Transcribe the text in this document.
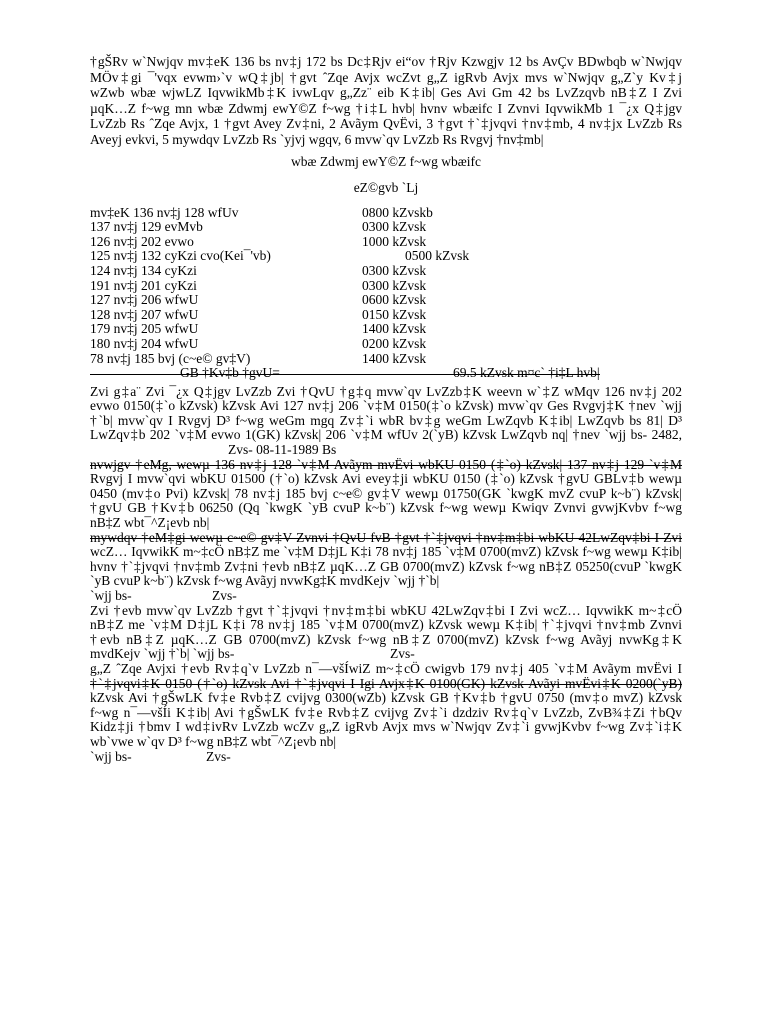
†gŠRv w`Nwjqv mv‡eK 136 bs nv‡j 172 bs Dc‡Rjv ei“ov †Rjv Kzwgjv 12 bs AvÇv BDwbqb w`Nwjqv
MÖv‡gi ¯'vqx evwm›`v wQ‡jb| †gvt ˆZqe Avjx wcZvt g„Z igRvb Avjx mvs w`Nwjqv g„Z`y Kv‡j
wZwb wbæ wjwLZ IqvwikMb‡K ivwLqv g„Zz¨ eib K‡ib| Ges Avi Gm 42 bs LvZzqvb nB‡Z I Zvi
µqK…Z f~wg mn wbæ Zdwmj ewY©Z f~wg †i‡L hvb| hvnv wbæifc I Zvnvi IqvwikMb 1 ¯¿x Q‡jgv
LvZzb Rs ˆZqe Avjx, 1 †gvt Avey Zv‡ni, 2 Avãym QvËvi, 3 †gvt †`‡jvqvi †nv‡mb, 4 nv‡jx LvZzb Rs
Aveyj evkvi, 5 mywdqv LvZzb Rs `yjvj wgqv, 6 mvw`qv LvZzb Rs Rvgvj †nv‡mb|
wbæ Zdwmj ewY©Z f~wg wbæifc
eZ©gvb `Lj
mv‡eK 136 nv‡j 128 wfUv	0800 kZvskb
137 nv‡j 129 evMvb	0300 kZvsk
126 nv‡j 202 evwo	1000 kZvsk
125 nv‡j 132 cyKzi cvo(Kei¯'vb)	0500 kZvsk
124 nv‡j 134 cyKzi	0300 kZvsk
191 nv‡j 201 cyKzi	0300 kZvsk
127 nv‡j 206 wfwU	0600 kZvsk
128 nv‡j 207 wfwU	0150 kZvsk
179 nv‡j 205 wfwU	1400 kZvsk
180 nv‡j 204 wfwU	0200 kZvsk
78 nv‡j 185 bvj (c~e© gv‡V)	1400 kZvsk
GB †Kv‡b †gvU=	69.5 kZvsk m¤c` †i‡L hvb|
Zvi g‡a¨ Zvi ¯¿x Q‡jgv LvZzb Zvi †QvU †g‡q mvw`qv LvZzb‡K weevn w`‡Z wMqv 126 nv‡j 202
evwo 0150(‡`o kZvsk) kZvsk Avi 127 nv‡j 206 `v‡M 0150(‡`o kZvsk) mvw`qv Ges Rvgvj‡K †nev `wjj
†`b| mvw`qv I Rvgvj D³ f~wg weGm mgq Zv‡`i wbR bv‡g weGm LwZqvb K‡ib| LwZqvb bs 81| D³
LwZqv‡b 202 `v‡M evwo 1(GK) kZvsk| 206 `v‡M wfUv 2(`yB) kZvsk LwZqvb nq| †nev `wjj bs- 2482,
Zvs- 08-11-1989 Bs
nvwjgv †eMg, wewµ 136 nv‡j 128 `v‡M Avãym mvËvi wbKU 0150 (‡`o) kZvsk| 137 nv‡j 129 `v‡M
Rvgvj I mvw`qvi wbKU 01500 (†`o) kZvsk Avi evey‡ji wbKU 0150 (‡`o) kZvsk †gvU GBLv‡b wewµ
0450 (mv‡o Pvi) kZvsk| 78 nv‡j 185 bvj c~e© gv‡V wewµ 01750(GK `kwgK mvZ cvuP k~b¨) kZvsk|
†gvU GB †Kv‡b 06250 (Qq `kwgK `yB cvuP k~b¨) kZvsk f~wg wewµ Kwiqv Zvnvi gvwjKvbv f~wg
nB‡Z wbt¯^Z¡evb nb|
mywdqv †eM‡gi wewµ c~e© gv‡V Zvnvi †QvU fvB †gvt †`‡jvqvi †nv‡m‡bi wbKU 42LwZqv‡bi I Zvi
wcZ… IqvwikK m~‡cÖ nB‡Z me `v‡M D‡jL K‡i 78 nv‡j 185 `v‡M 0700(mvZ) kZvsk f~wg wewµ K‡ib|
hvnv †`‡jvqvi †nv‡mb Zv‡ni †evb nB‡Z µqK…Z GB 0700(mvZ) kZvsk f~wg nB‡Z 05250(cvuP `kwgK
`yB cvuP k~b¨) kZvsk f~wg Avãyj nvwKg‡K mvdKejv `wjj †`b|
`wjj bs-	Zvs-
Zvi †evb mvw`qv LvZzb †gvt †`‡jvqvi †nv‡m‡bi wbKU 42LwZqv‡bi I Zvi wcZ… IqvwikK m~‡cÖ
nB‡Z me `v‡M D‡jL K‡i 78 nv‡j 185 `v‡M 0700(mvZ) kZvsk wewµ K‡ib| †`‡jvqvi †nv‡mb Zvnvi
†evb nB‡Z µqK…Z GB 0700(mvZ) kZvsk f~wg nB‡Z 0700(mvZ) kZvsk f~wg Avãyj nvwKg‡K
mvdKejv `wjj †`b| `wjj bs-	Zvs-
g„Z ˆZqe Avjxi †evb Rv‡q`v LvZzb n¯—všÍwiZ m~‡cÖ cwigvb 179 nv‡j 405 `v‡M Avãym mvËvi I
†`‡jvqvi‡K 0150 (†`o) kZvsk Avi †`‡jvqvi I Igi Avjx‡K 0100(GK) kZvsk Avãyi mvËvi‡K 0200(`yB)
kZvsk Avi †gŠwLK fv‡e Rvb‡Z cvijvg 0300(wZb) kZvsk GB †Kv‡b †gvU 0750 (mv‡o mvZ) kZvsk
f~wg n¯—všÍi K‡ib| Avi †gŠwLK fv‡e Rvb‡Z cvijvg Zv‡`i dzdziv Rv‡q`v LvZzb, ZvB¾‡Zi †bQv
Kidz‡ji †bmv I wd‡ivRv LvZzb wcZv g„Z igRvb Avjx mvs w`Nwjqv Zv‡`i gvwjKvbv f~wg Zv‡`i‡K
wb`vwe w`qv D³ f~wg nB‡Z wbt¯^Z¡evb nb|
`wjj bs-	Zvs-
